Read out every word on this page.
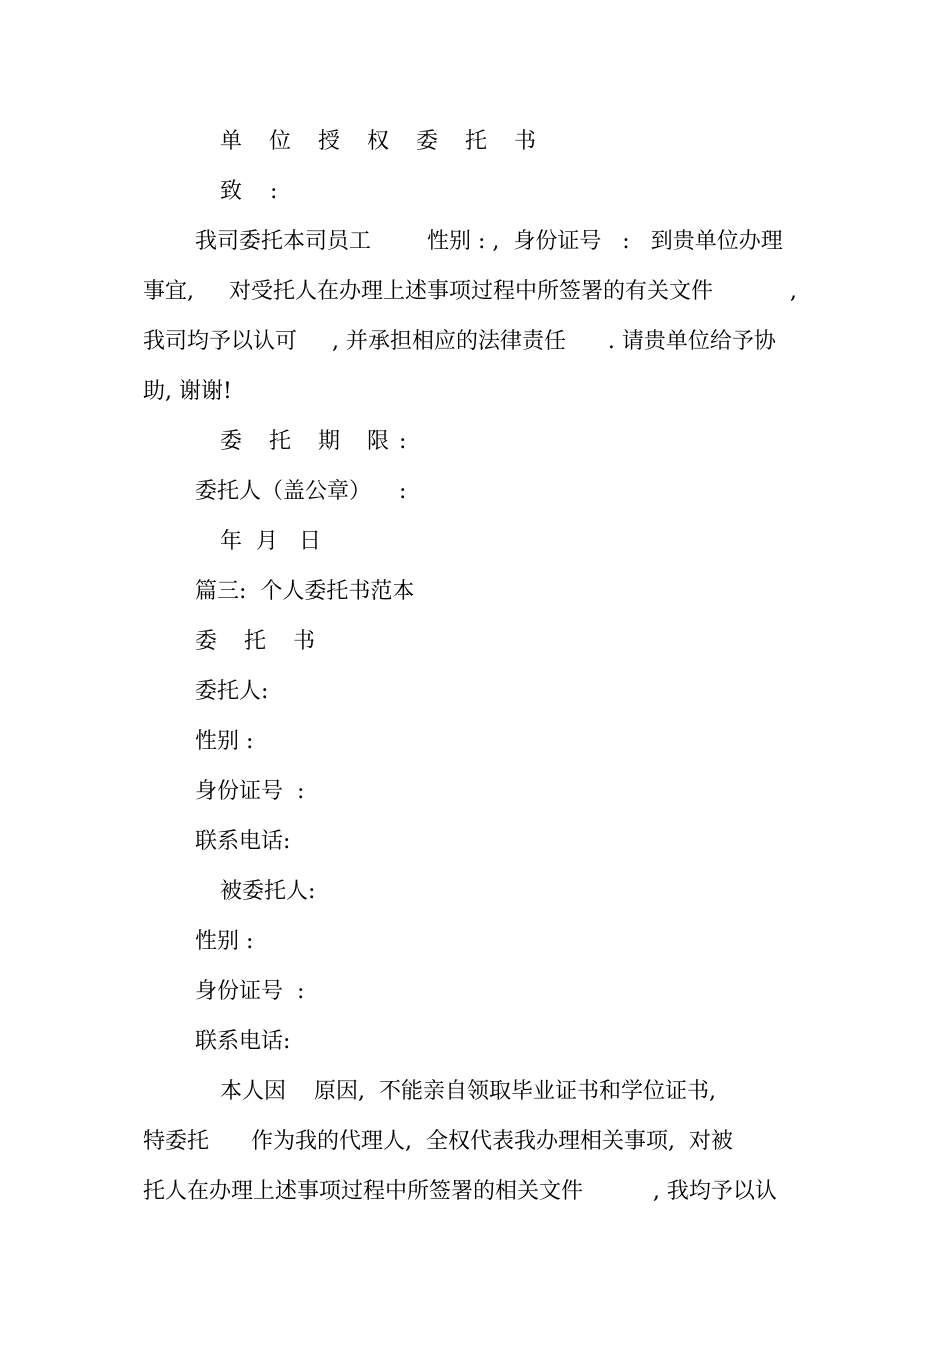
单 位 授 权 委 托 书
致    :
我司委托本司员工        性别 : ,  身份证号   :   到贵单位办理
事宜,     对受托人在办理上述事项过程中所签署的有关文件           ,
我司均予以认可     , 并承担相应的法律责任      . 请贵单位给予协
助, 谢谢!
委 托 期 限:
委托人（盖公章）    :
年  月   日
篇三:  个人委托书范本
委 托 书
委托人:
性别 :
身份证号  :
联系电话:
被委托人:
性别 :
身份证号  :
联系电话:
本人因    原因,  不能亲自领取毕业证书和学位证书,
特委托      作为我的代理人,  全权代表我办理相关事项,  对被
托人在办理上述事项过程中所签署的相关文件          , 我均予以认
